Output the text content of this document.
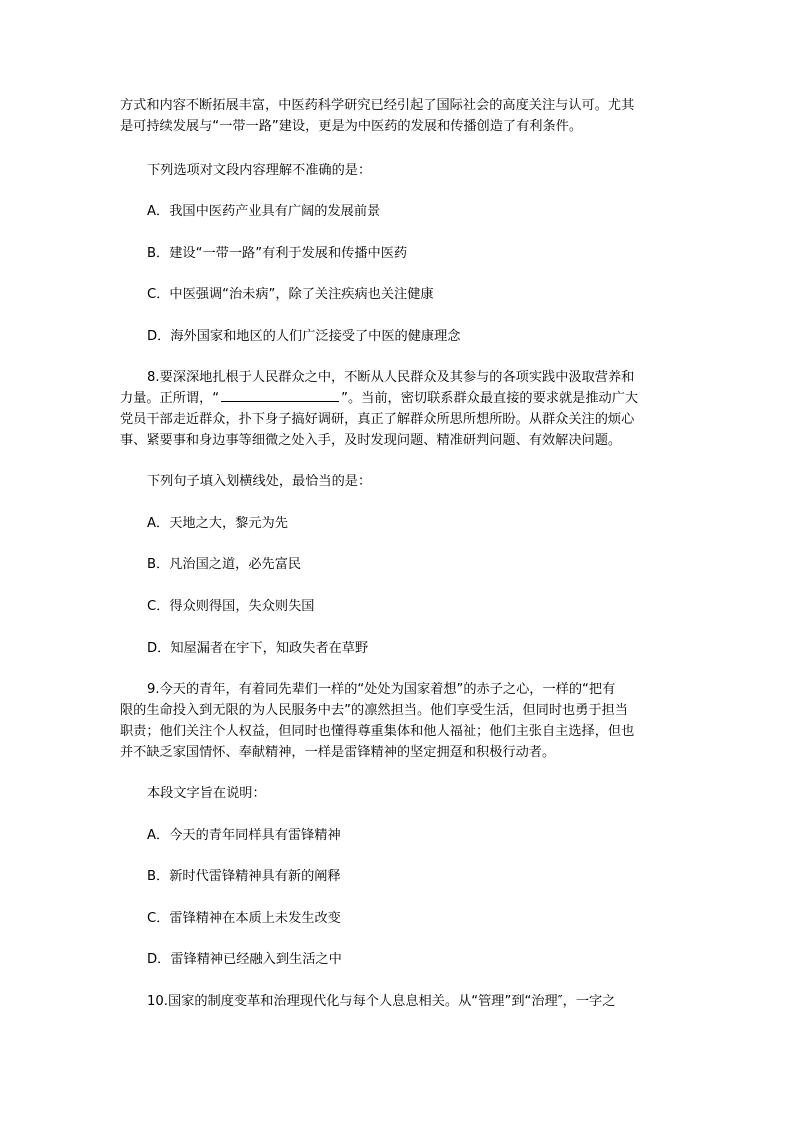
方式和内容不断拓展丰富，中医药科学研究已经引起了国际社会的高度关注与认可。尤其
是可持续发展与“一带一路”建设，更是为中医药的发展和传播创造了有利条件。
下列选项对文段内容理解不准确的是：
A．我国中医药产业具有广阔的发展前景
B．建设“一带一路”有利于发展和传播中医药
C．中医强调“治未病”，除了关注疾病也关注健康
D．海外国家和地区的人们广泛接受了中医的健康理念
8.要深深地扎根于人民群众之中，不断从人民群众及其参与的各项实践中汲取营养和
力量。正所谓，“	”。当前，密切联系群众最直接的要求就是推动广大
党员干部走近群众，扑下身子搞好调研，真正了解群众所思所想所盼。从群众关注的烦心
事、紧要事和身边事等细微之处入手，及时发现问题、精准研判问题、有效解决问题。
下列句子填入划横线处，最恰当的是：
A．天地之大，黎元为先
B．凡治国之道，必先富民
C．得众则得国，失众则失国
D．知屋漏者在宇下，知政失者在草野
9.今天的青年，有着同先辈们一样的“处处为国家着想”的赤子之心，一样的“把有
限的生命投入到无限的为人民服务中去”的凛然担当。他们享受生活，但同时也勇于担当
职责；他们关注个人权益，但同时也懂得尊重集体和他人福祉；他们主张自主选择，但也
并不缺乏家国情怀、奉献精神，一样是雷锋精神的坚定拥趸和积极行动者。
本段文字旨在说明：
A．今天的青年同样具有雷锋精神
B．新时代雷锋精神具有新的阐释
C．雷锋精神在本质上未发生改变
D．雷锋精神已经融入到生活之中
10.国家的制度变革和治理现代化与每个人息息相关。从“管理”到“治理″，一字之
